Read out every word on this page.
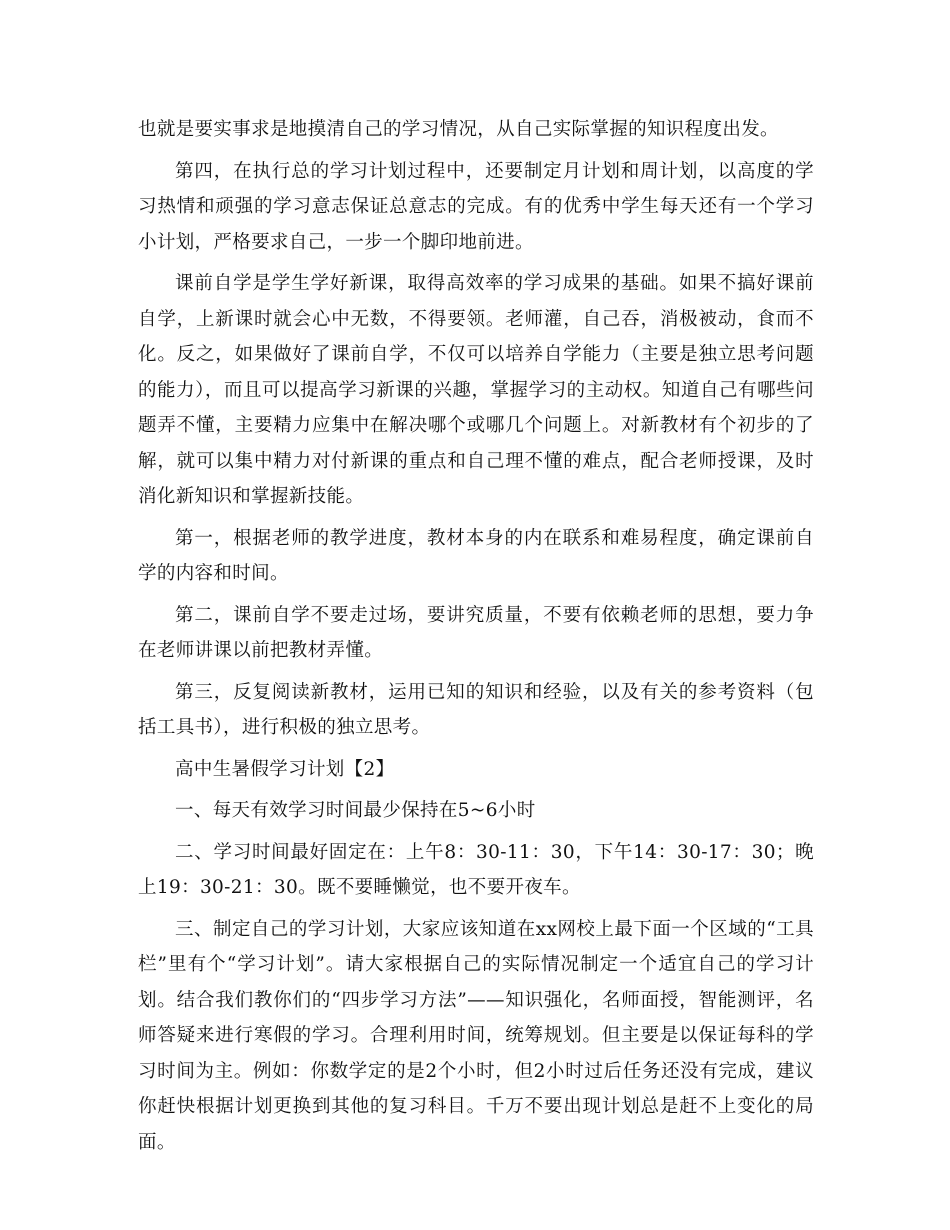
也就是要实事求是地摸清自己的学习情况，从自己实际掌握的知识程度出发。

第四，在执行总的学习计划过程中，还要制定月计划和周计划，以高度的学习热情和顽强的学习意志保证总意志的完成。有的优秀中学生每天还有一个学习小计划，严格要求自己，一步一个脚印地前进。

课前自学是学生学好新课，取得高效率的学习成果的基础。如果不搞好课前自学，上新课时就会心中无数，不得要领。老师灌，自己吞，消极被动，食而不化。反之，如果做好了课前自学，不仅可以培养自学能力（主要是独立思考问题的能力），而且可以提高学习新课的兴趣，掌握学习的主动权。知道自己有哪些问题弄不懂，主要精力应集中在解决哪个或哪几个问题上。对新教材有个初步的了解，就可以集中精力对付新课的重点和自己理不懂的难点，配合老师授课，及时消化新知识和掌握新技能。

第一，根据老师的教学进度，教材本身的内在联系和难易程度，确定课前自学的内容和时间。

第二，课前自学不要走过场，要讲究质量，不要有依赖老师的思想，要力争在老师讲课以前把教材弄懂。

第三，反复阅读新教材，运用已知的知识和经验，以及有关的参考资料（包括工具书），进行积极的独立思考。

高中生暑假学习计划【2】

一、每天有效学习时间最少保持在5~6小时

二、学习时间最好固定在：上午8：30-11：30，下午14：30-17：30；晚上19：30-21：30。既不要睡懒觉，也不要开夜车。

三、制定自己的学习计划，大家应该知道在xx网校上最下面一个区域的“工具栏”里有个“学习计划”。请大家根据自己的实际情况制定一个适宜自己的学习计划。结合我们教你们的“四步学习方法”——知识强化，名师面授，智能测评，名师答疑来进行寒假的学习。合理利用时间，统筹规划。但主要是以保证每科的学习时间为主。例如：你数学定的是2个小时，但2小时过后任务还没有完成，建议你赶快根据计划更换到其他的复习科目。千万不要出现计划总是赶不上变化的局面。
